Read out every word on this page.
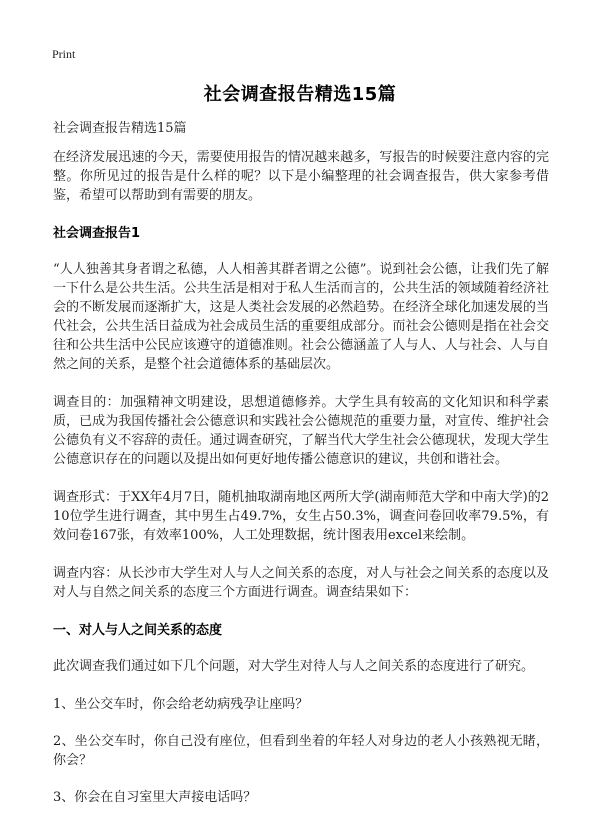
Print
社会调查报告精选15篇

社会调查报告精选15篇

在经济发展迅速的今天，需要使用报告的情况越来越多，写报告的时候要注意内容的完整。你所见过的报告是什么样的呢？以下是小编整理的社会调查报告，供大家参考借鉴，希望可以帮助到有需要的朋友。

社会调查报告1

“人人独善其身者谓之私德，人人相善其群者谓之公德”。说到社会公德，让我们先了解一下什么是公共生活。公共生活是相对于私人生活而言的，公共生活的领域随着经济社会的不断发展而逐渐扩大，这是人类社会发展的必然趋势。在经济全球化加速发展的当代社会，公共生活日益成为社会成员生活的重要组成部分。而社会公德则是指在社会交往和公共生活中公民应该遵守的道德准则。社会公德涵盖了人与人、人与社会、人与自然之间的关系，是整个社会道德体系的基础层次。

调查目的：加强精神文明建设，思想道德修养。大学生具有较高的文化知识和科学素质，已成为我国传播社会公德意识和实践社会公德规范的重要力量，对宣传、维护社会公德负有义不容辞的责任。通过调查研究，了解当代大学生社会公德现状，发现大学生公德意识存在的问题以及提出如何更好地传播公德意识的建议，共创和谐社会。

调查形式：于XX年4月7日，随机抽取湖南地区两所大学(湖南师范大学和中南大学)的210位学生进行调查，其中男生占49.7%，女生占50.3%，调查问卷回收率79.5%，有效问卷167张，有效率100%，人工处理数据，统计图表用excel来绘制。

调查内容：从长沙市大学生对人与人之间关系的态度，对人与社会之间关系的态度以及对人与自然之间关系的态度三个方面进行调查。调查结果如下：

一、对人与人之间关系的态度

此次调查我们通过如下几个问题，对大学生对待人与人之间关系的态度进行了研究。

1、坐公交车时，你会给老幼病残孕让座吗？

2、坐公交车时，你自己没有座位，但看到坐着的年轻人对身边的老人小孩熟视无睹，你会？

3、你会在自习室里大声接电话吗？
